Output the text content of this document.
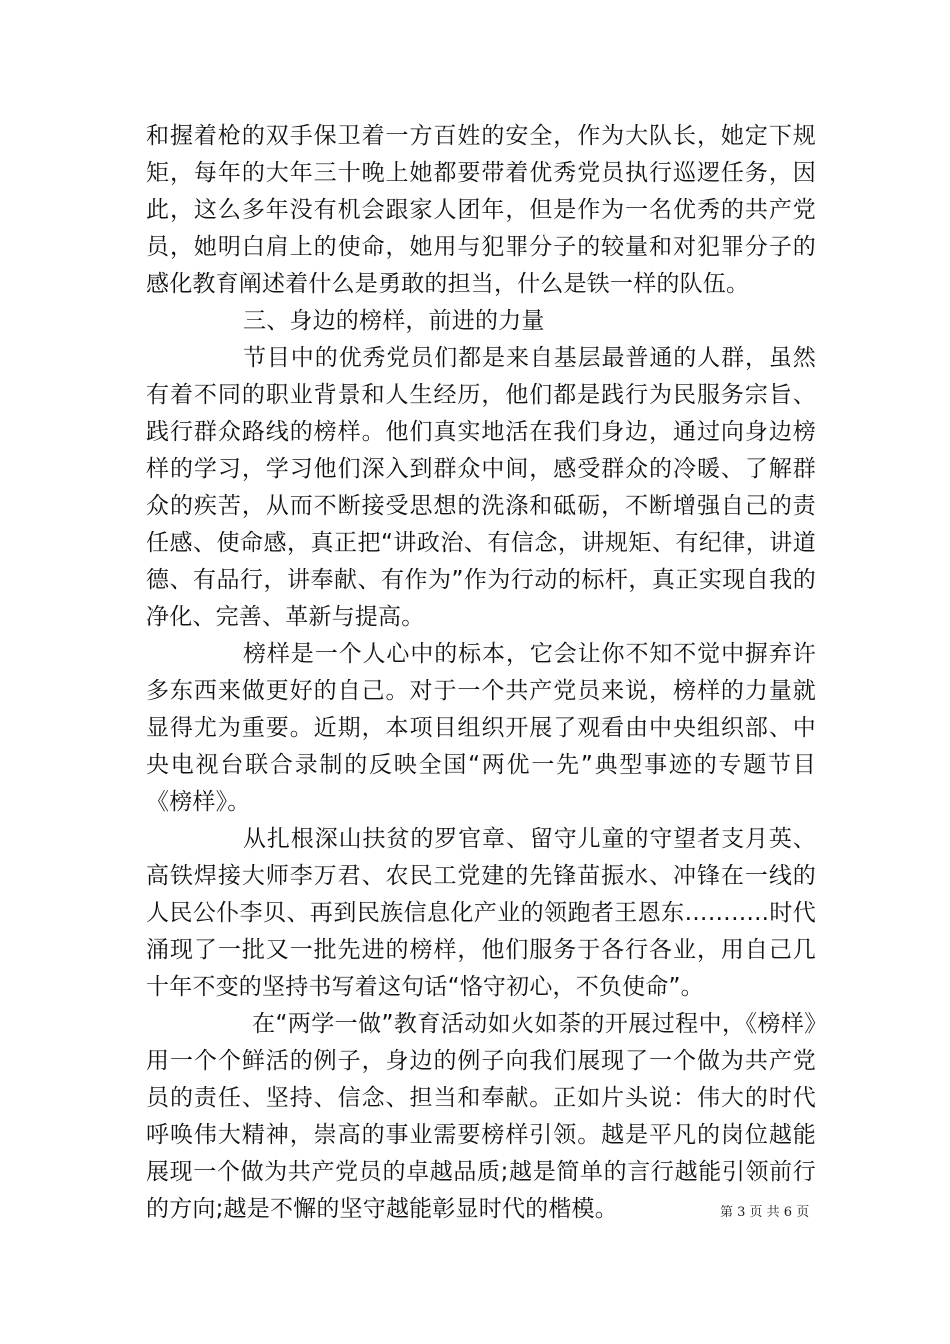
和握着枪的双手保卫着一方百姓的安全，作为大队长，她定下规矩，每年的大年三十晚上她都要带着优秀党员执行巡逻任务，因此，这么多年没有机会跟家人团年，但是作为一名优秀的共产党员，她明白肩上的使命，她用与犯罪分子的较量和对犯罪分子的感化教育阐述着什么是勇敢的担当，什么是铁一样的队伍。

三、身边的榜样，前进的力量

节目中的优秀党员们都是来自基层最普通的人群，虽然有着不同的职业背景和人生经历，他们都是践行为民服务宗旨、践行群众路线的榜样。他们真实地活在我们身边，通过向身边榜样的学习，学习他们深入到群众中间，感受群众的冷暖、了解群众的疾苦，从而不断接受思想的洗涤和砥砺，不断增强自己的责任感、使命感，真正把“讲政治、有信念，讲规矩、有纪律，讲道德、有品行，讲奉献、有作为”作为行动的标杆，真正实现自我的净化、完善、革新与提高。

榜样是一个人心中的标本，它会让你不知不觉中摒弃许多东西来做更好的自己。对于一个共产党员来说，榜样的力量就显得尤为重要。近期，本项目组织开展了观看由中央组织部、中央电视台联合录制的反映全国“两优一先”典型事迹的专题节目《榜样》。

从扎根深山扶贫的罗官章、留守儿童的守望者支月英、高铁焊接大师李万君、农民工党建的先锋苗振水、冲锋在一线的人民公仆李贝、再到民族信息化产业的领跑者王恩东………..时代涌现了一批又一批先进的榜样，他们服务于各行各业，用自己几十年不变的坚持书写着这句话“恪守初心，不负使命”。

在“两学一做”教育活动如火如荼的开展过程中，《榜样》用一个个鲜活的例子，身边的例子向我们展现了一个做为共产党员的责任、坚持、信念、担当和奉献。正如片头说：伟大的时代呼唤伟大精神，崇高的事业需要榜样引领。越是平凡的岗位越能展现一个做为共产党员的卓越品质;越是简单的言行越能引领前行的方向;越是不懈的坚守越能彰显时代的楷模。	第 3 页 共 6 页
